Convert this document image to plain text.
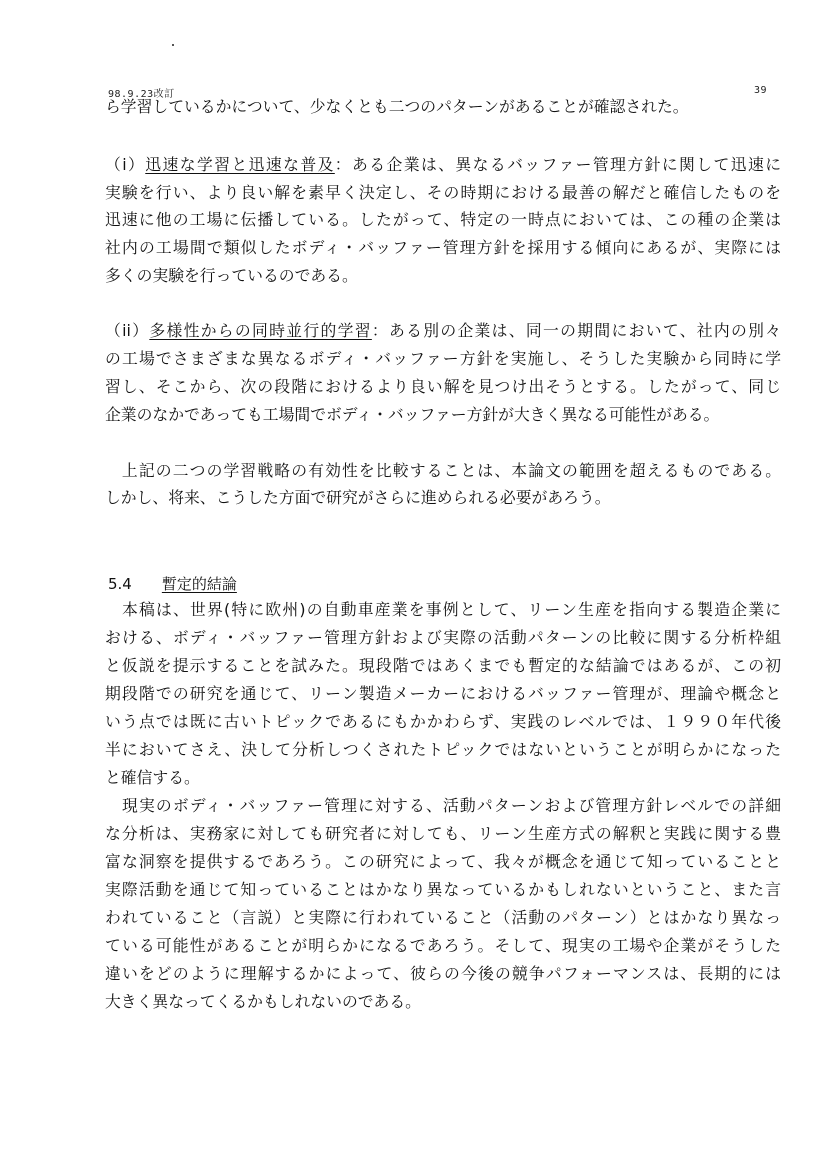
98.9.23改訂	39
ら学習しているかについて、少なくとも二つのパターンがあることが確認された。
（i）迅速な学習と迅速な普及：ある企業は、異なるバッファー管理方針に関して迅速に
実験を行い、より良い解を素早く決定し、その時期における最善の解だと確信したものを
迅速に他の工場に伝播している。したがって、特定の一時点においては、この種の企業は
社内の工場間で類似したボディ・バッファー管理方針を採用する傾向にあるが、実際には
多くの実験を行っているのである。
（ii）多様性からの同時並行的学習：ある別の企業は、同一の期間において、社内の別々
の工場でさまざまな異なるボディ・バッファー方針を実施し、そうした実験から同時に学
習し、そこから、次の段階におけるより良い解を見つけ出そうとする。したがって、同じ
企業のなかであっても工場間でボディ・バッファー方針が大きく異なる可能性がある。
　上記の二つの学習戦略の有効性を比較することは、本論文の範囲を超えるものである。
しかし、将来、こうした方面で研究がさらに進められる必要があろう。
5.4 暫定的結論
　本稿は、世界(特に欧州)の自動車産業を事例として、リーン生産を指向する製造企業に
おける、ボディ・バッファー管理方針および実際の活動パターンの比較に関する分析枠組
と仮説を提示することを試みた。現段階ではあくまでも暫定的な結論ではあるが、この初
期段階での研究を通じて、リーン製造メーカーにおけるバッファー管理が、理論や概念と
いう点では既に古いトピックであるにもかかわらず、実践のレベルでは、１９９０年代後
半においてさえ、決して分析しつくされたトピックではないということが明らかになった
と確信する。
　現実のボディ・バッファー管理に対する、活動パターンおよび管理方針レベルでの詳細
な分析は、実務家に対しても研究者に対しても、リーン生産方式の解釈と実践に関する豊
富な洞察を提供するであろう。この研究によって、我々が概念を通じて知っていることと
実際活動を通じて知っていることはかなり異なっているかもしれないということ、また言
われていること（言説）と実際に行われていること（活動のパターン）とはかなり異なっ
ている可能性があることが明らかになるであろう。そして、現実の工場や企業がそうした
違いをどのように理解するかによって、彼らの今後の競争パフォーマンスは、長期的には
大きく異なってくるかもしれないのである。
